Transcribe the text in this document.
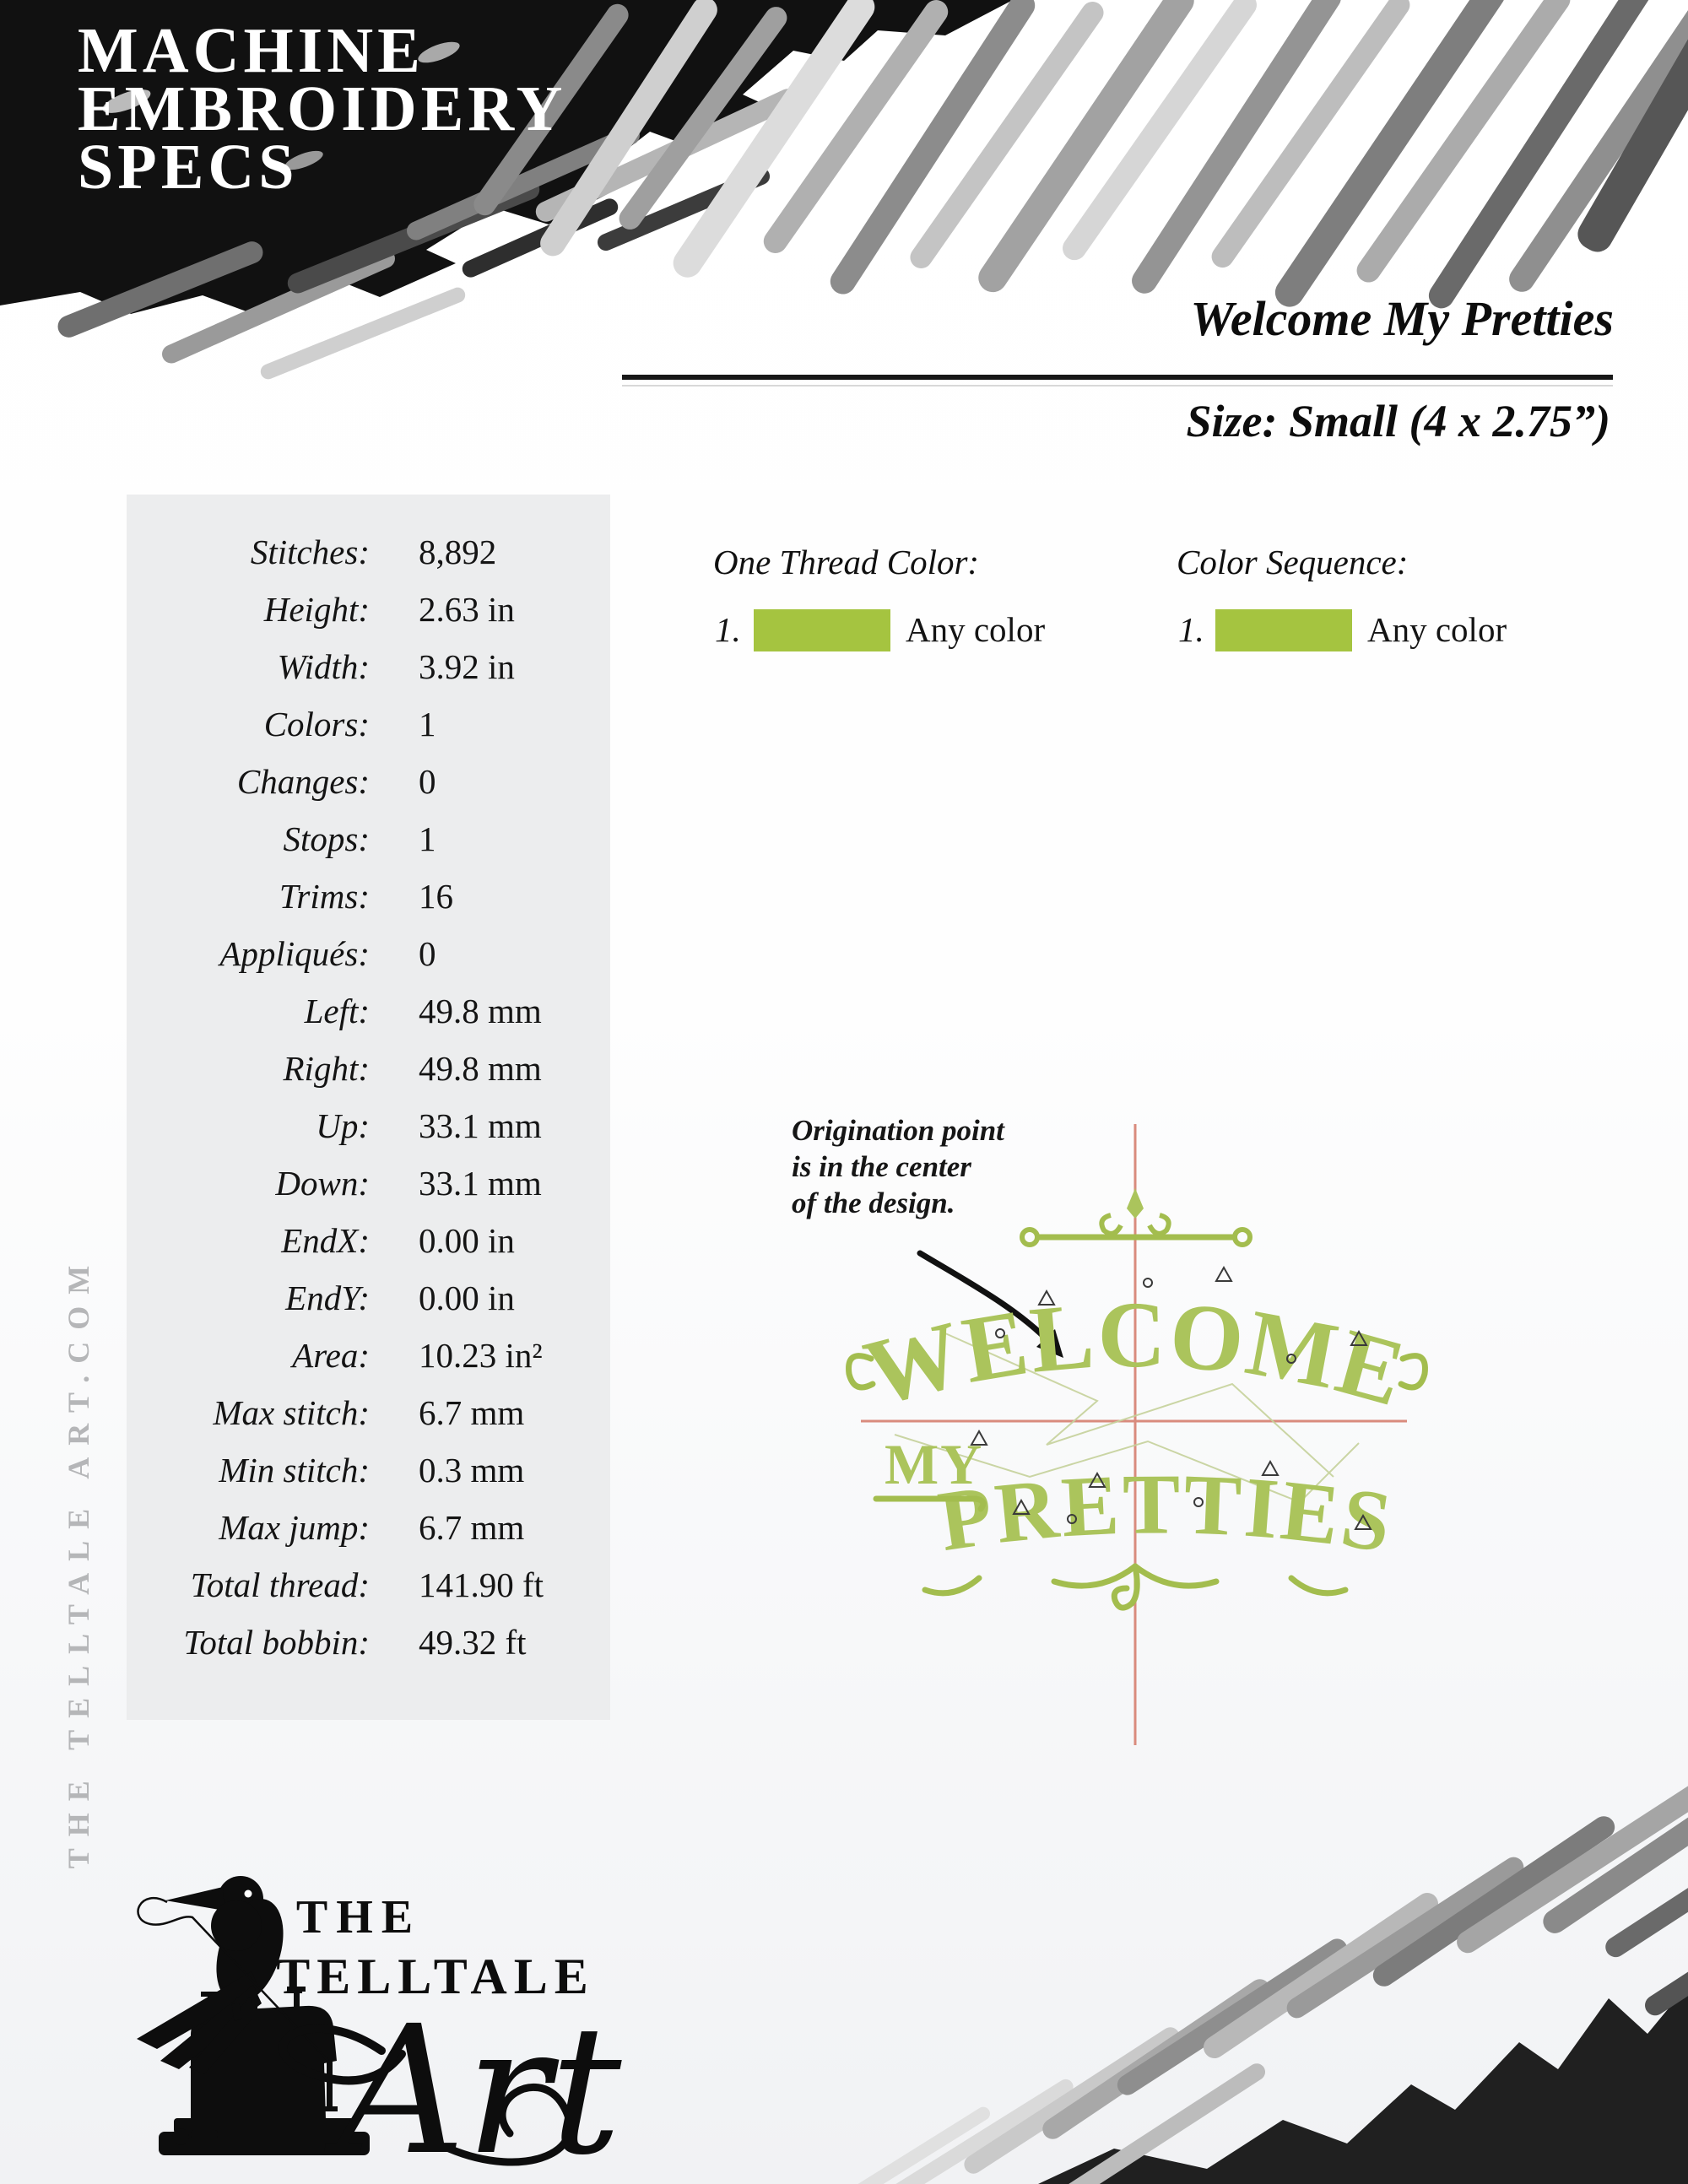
MACHINE
EMBROIDERY
SPECS
Welcome My Pretties
Size: Small (4 x 2.75”)
Stitches: 8,892
Height: 2.63 in
Width: 3.92 in
Colors: 1
Changes: 0
Stops: 1
Trims: 16
Appliqués: 0
Left: 49.8 mm
Right: 49.8 mm
Up: 33.1 mm
Down: 33.1 mm
EndX: 0.00 in
EndY: 0.00 in
Area: 10.23 in²
Max stitch: 6.7 mm
Min stitch: 0.3 mm
Max jump: 6.7 mm
Total thread: 141.90 ft
Total bobbin: 49.32 ft
One Thread Color:
1.	Any color
Color Sequence:
1.	Any color
Origination point
is in the center
of the design.
WELCOME
MY
PRETTIES
THE
TELLTALE
Art
THE TELLTALE ART.COM
